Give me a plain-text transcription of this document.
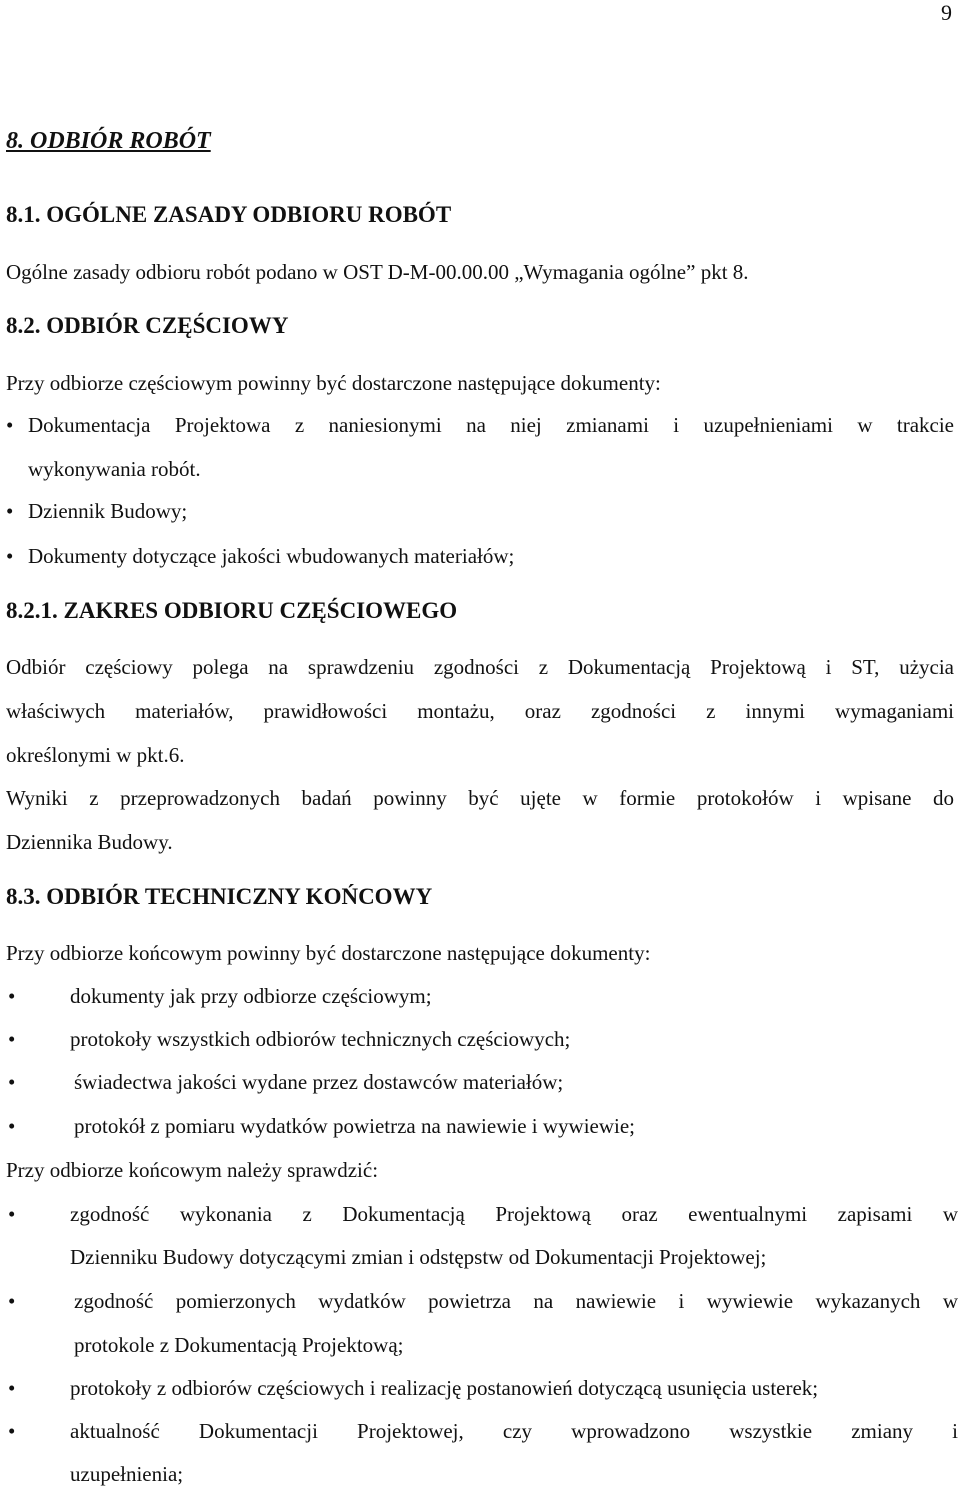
9
8. ODBIÓR ROBÓT
8.1. OGÓLNE ZASADY ODBIORU ROBÓT
Ogólne zasady odbioru robót podano w OST D-M-00.00.00 „Wymagania ogólne” pkt 8.
8.2. ODBIÓR CZĘŚCIOWY
Przy odbiorze częściowym powinny być dostarczone następujące dokumenty:
• Dokumentacja Projektowa z naniesionymi na niej zmianami i uzupełnieniami w trakcie
wykonywania robót.
• Dziennik Budowy;
• Dokumenty dotyczące jakości wbudowanych materiałów;
8.2.1. ZAKRES ODBIORU CZĘŚCIOWEGO
Odbiór częściowy polega na sprawdzeniu zgodności z Dokumentacją Projektową i ST, użycia
właściwych materiałów, prawidłowości montażu, oraz zgodności z innymi wymaganiami
określonymi w pkt.6.
Wyniki z przeprowadzonych badań powinny być ujęte w formie protokołów i wpisane do
Dziennika Budowy.
8.3. ODBIÓR TECHNICZNY KOŃCOWY
Przy odbiorze końcowym powinny być dostarczone następujące dokumenty:
•	dokumenty jak przy odbiorze częściowym;
•	protokoły wszystkich odbiorów technicznych częściowych;
•	świadectwa jakości wydane przez dostawców materiałów;
•	protokół z pomiaru wydatków powietrza na nawiewie i wywiewie;
Przy odbiorze końcowym należy sprawdzić:
•	zgodność wykonania z Dokumentacją Projektową oraz ewentualnymi zapisami w
Dzienniku Budowy dotyczącymi zmian i odstępstw od Dokumentacji Projektowej;
•	zgodność pomierzonych wydatków powietrza na nawiewie i wywiewie wykazanych w
protokole z Dokumentacją Projektową;
•	protokoły z odbiorów częściowych i realizację postanowień dotyczącą usunięcia usterek;
•	aktualność Dokumentacji Projektowej, czy wprowadzono wszystkie zmiany i
uzupełnienia;
